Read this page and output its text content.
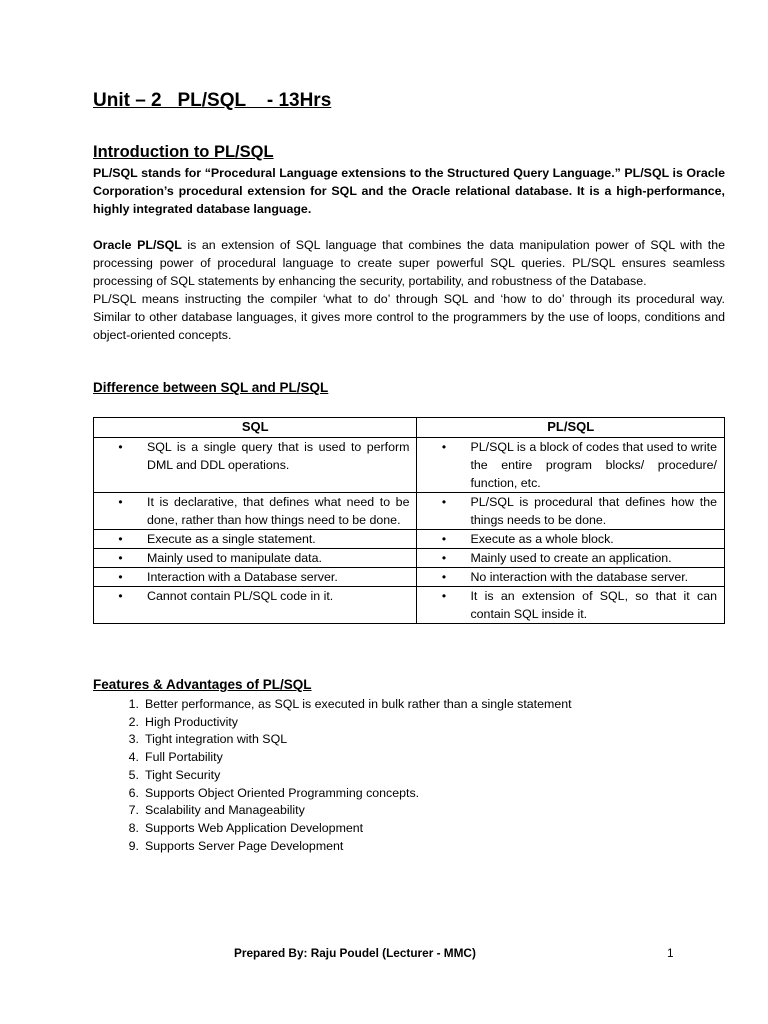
Unit – 2   PL/SQL    - 13Hrs
Introduction to PL/SQL

PL/SQL stands for “Procedural Language extensions to the Structured Query Language.” PL/SQL is Oracle Corporation’s procedural extension for SQL and the Oracle relational database. It is a high-performance, highly integrated database language.

Oracle PL/SQL is an extension of SQL language that combines the data manipulation power of SQL with the processing power of procedural language to create super powerful SQL queries. PL/SQL ensures seamless processing of SQL statements by enhancing the security, portability, and robustness of the Database.

PL/SQL means instructing the compiler ‘what to do’ through SQL and ‘how to do’ through its procedural way. Similar to other database languages, it gives more control to the programmers by the use of loops, conditions and object-oriented concepts.

Difference between SQL and PL/SQL
SQL	PL/SQL

• SQL is a single query that is used to perform DML and DDL operations.	• PL/SQL is a block of codes that used to write the entire program blocks/ procedure/ function, etc.

• It is declarative, that defines what need to be done, rather than how things need to be done.	• PL/SQL is procedural that defines how the things needs to be done.

• Execute as a single statement.	• Execute as a whole block.

• Mainly used to manipulate data.	• Mainly used to create an application.

• Interaction with a Database server.	• No interaction with the database server.

• Cannot contain PL/SQL code in it.	• It is an extension of SQL, so that it can contain SQL inside it.
Features & Advantages of PL/SQL
1. Better performance, as SQL is executed in bulk rather than a single statement
2. High Productivity
3. Tight integration with SQL
4. Full Portability
5. Tight Security
6. Supports Object Oriented Programming concepts.
7. Scalability and Manageability
8. Supports Web Application Development
9. Supports Server Page Development
Prepared By: Raju Poudel (Lecturer - MMC)	1
